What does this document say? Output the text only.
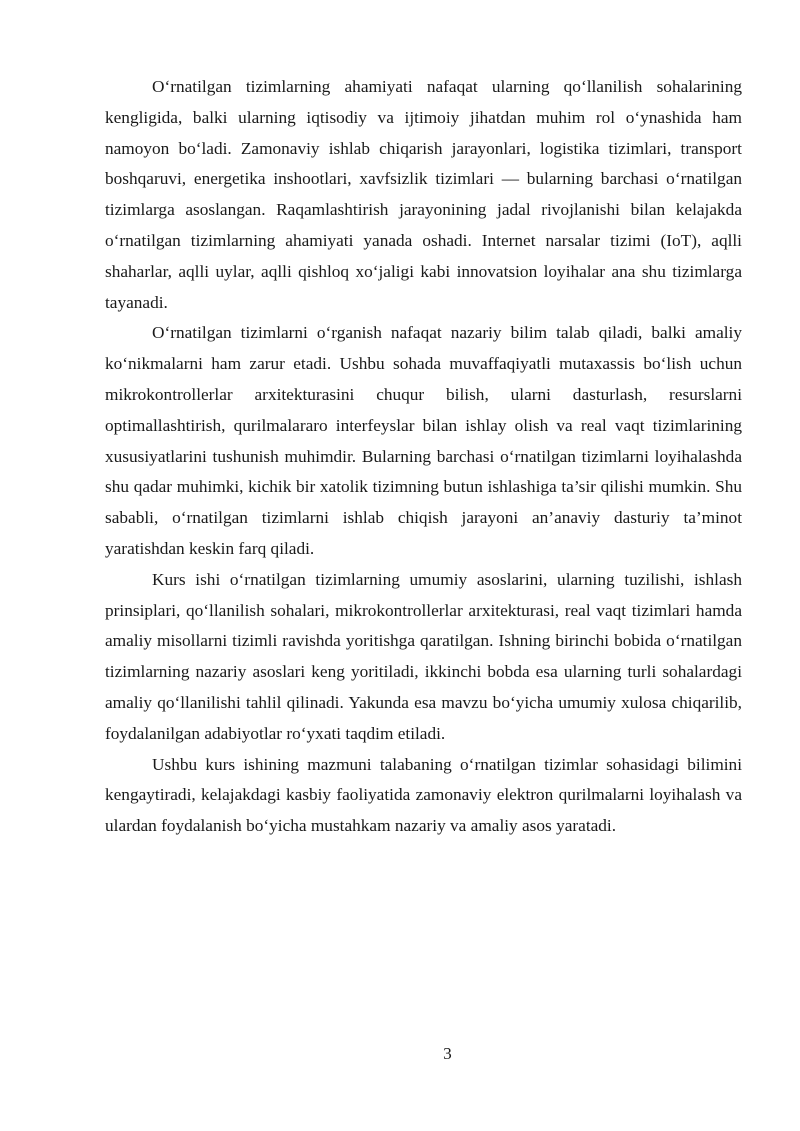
O‘rnatilgan tizimlarning ahamiyati nafaqat ularning qo‘llanilish sohalarining kengligida, balki ularning iqtisodiy va ijtimoiy jihatdan muhim rol o‘ynashida ham namoyon bo‘ladi. Zamonaviy ishlab chiqarish jarayonlari, logistika tizimlari, transport boshqaruvi, energetika inshootlari, xavfsizlik tizimlari — bularning barchasi o‘rnatilgan tizimlarga asoslangan. Raqamlashtirish jarayonining jadal rivojlanishi bilan kelajakda o‘rnatilgan tizimlarning ahamiyati yanada oshadi. Internet narsalar tizimi (IoT), aqlli shaharlar, aqlli uylar, aqlli qishloq xo‘jaligi kabi innovatsion loyihalar ana shu tizimlarga tayanadi.

O‘rnatilgan tizimlarni o‘rganish nafaqat nazariy bilim talab qiladi, balki amaliy ko‘nikmalarni ham zarur etadi. Ushbu sohada muvaffaqiyatli mutaxassis bo‘lish uchun mikrokontrollerlar arxitekturasini chuqur bilish, ularni dasturlash, resurslarni optimallashtirish, qurilmalararo interfeyslar bilan ishlay olish va real vaqt tizimlarining xususiyatlarini tushunish muhimdir. Bularning barchasi o‘rnatilgan tizimlarni loyihalashda shu qadar muhimki, kichik bir xatolik tizimning butun ishlashiga ta’sir qilishi mumkin. Shu sababli, o‘rnatilgan tizimlarni ishlab chiqish jarayoni an’anaviy dasturiy ta’minot yaratishdan keskin farq qiladi.

Kurs ishi o‘rnatilgan tizimlarning umumiy asoslarini, ularning tuzilishi, ishlash prinsiplari, qo‘llanilish sohalari, mikrokontrollerlar arxitekturasi, real vaqt tizimlari hamda amaliy misollarni tizimli ravishda yoritishga qaratilgan. Ishning birinchi bobida o‘rnatilgan tizimlarning nazariy asoslari keng yoritiladi, ikkinchi bobda esa ularning turli sohalardagi amaliy qo‘llanilishi tahlil qilinadi. Yakunda esa mavzu bo‘yicha umumiy xulosa chiqarilib, foydalanilgan adabiyotlar ro‘yxati taqdim etiladi.

Ushbu kurs ishining mazmuni talabaning o‘rnatilgan tizimlar sohasidagi bilimini kengaytiradi, kelajakdagi kasbiy faoliyatida zamonaviy elektron qurilmalarni loyihalash va ulardan foydalanish bo‘yicha mustahkam nazariy va amaliy asos yaratadi.

3
